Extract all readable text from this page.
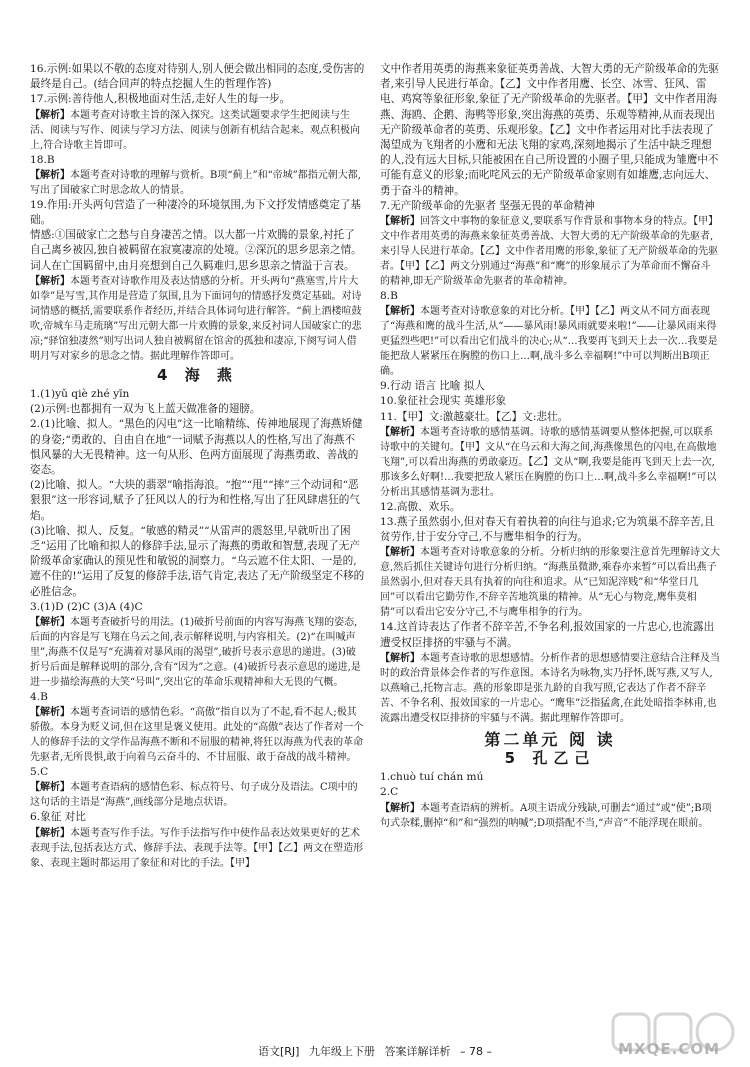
16.示例:如果以不敬的态度对待别人,别人便会做出相同的态度,受伤害的最终是自己。(结合回声的特点挖掘人生的哲理作答)

17.示例:善待他人,积极地面对生活,走好人生的每一步。

【解析】本题考查对诗歌主旨的深入探究。这类试题要求学生把阅读与生活、阅读与写作、阅读与学习方法、阅读与创新有机结合起来。观点积极向上,符合诗歌主旨即可。

18.B

【解析】本题考查对诗歌的理解与赏析。B项“蓟上”和“帝城”都指元朝大都,写出了国破家亡时思念故人的情景。

19.作用:开头两句营造了一种凄冷的环境氛围,为下文抒发情感奠定了基础。

情感:①国破家亡之愁与自身凄苦之情。以大都一片欢腾的景象,衬托了自己离乡被囚,独自被羁留在寂寞凄凉的处境。②深沉的思乡思亲之情。词人在亡国羁留中,由月亮想到自己久羁难归,思乡思亲之情溢于言表。

【解析】本题考查对诗歌作用及表达情感的分析。开头两句“燕塞雪,片片大如拳”是写雪,其作用是营造了氛围,且为下面词句的情感抒发奠定基础。对诗词情感的概括,需要联系作者经历,并结合具体词句进行解答。“蓟上酒楼喧鼓吹,帝城车马走琉璃”写出元朝大都一片欢腾的景象,来反衬词人国破家亡的悲凉;“驿馆独凄然”则写出词人独自被羁留在馆舍的孤独和凄凉,下阕写词人借明月写对家乡的思念之情。据此理解作答即可。

4 海 燕

1.(1)yǔ qiè zhé yīn

(2)示例:也都拥有一双为飞上蓝天做准备的翅膀。

2.(1)比喻、拟人。“黑色的闪电”这一比喻精练、传神地展现了海燕矫健的身姿;“勇敢的、自由自在地”一词赋予海燕以人的性格,写出了海燕不惧风暴的大无畏精神。这一句从形、色两方面展现了海燕勇敢、善战的姿态。

(2)比喻、拟人。“大块的翡翠”喻指海浪。“抱”“甩”“摔”三个动词和“恶狠狠”这一形容词,赋予了狂风以人的行为和性格,写出了狂风肆虐狂的气焰。

(3)比喻、拟人、反复。“敏感的精灵”“从雷声的震怒里,早就听出了困乏”运用了比喻和拟人的修辞手法,显示了海燕的勇敢和智慧,表现了无产阶级革命家确认的预见性和敏锐的洞察力。“乌云遮不住太阳、一是的,遮不住的!”运用了反复的修辞手法,语气肯定,表达了无产阶级坚定不移的必胜信念。

3.(1)D (2)C (3)A (4)C

【解析】本题考查破折号的用法。(1)破折号前面的内容写海燕飞翔的姿态,后面的内容是写飞翔在乌云之间,表示解释说明,与内容相关。(2)“在叫喊声里”,海燕不仅是写“充满着对暴风雨的渴望”,破折号表示意思的递进。(3)破折号后面是解释说明的部分,含有“因为”之意。(4)破折号表示意思的递进,是进一步描绘海燕的大笑“号叫”,突出它的革命乐观精神和大无畏的气概。

4.B

【解析】本题考查词语的感情色彩。“高傲”指自以为了不起,看不起人;极其骄傲。本身为贬义词,但在这里是褒义使用。此处的“高傲”表达了作者对一个人的修辞手法的文学作品海燕不断和不屈服的精神,将狂以海燕为代表的革命先驱者,无所畏惧,敢于向着乌云奋斗的、不甘屈服、敢于奋战的战斗精神。

5.C

【解析】本题考查语病的感情色彩、标点符号、句子成分及语法。C项中的这句话的主语是“海燕”,画线部分是地点状语。

6.象征 对比

【解析】本题考查写作手法。写作手法指写作中使作品表达效果更好的艺术表现手法,包括表达方式、修辞手法、表现手法等。【甲】【乙】两文在塑造形象、表现主题时都运用了象征和对比的手法。【甲】

文中作者用英勇的海燕来象征英勇善战、大智大勇的无产阶级革命的先驱者,来引导人民进行革命。【乙】文中作者用鹰、长空、冰雪、狂风、雷电、鸡窝等象征形象,象征了无产阶级革命的先驱者。【甲】文中作者用海燕、海鸥、企鹅、海鸭等形象,突出海燕的英勇、乐观等精神,从而表现出无产阶级革命者的英勇、乐观形象。【乙】文中作者运用对比手法表现了渴望成为飞翔者的小鹰和无法飞翔的家鸡,深刻地揭示了生活中缺乏理想的人,没有远大目标,只能被困在自己所设置的小圈子里,只能成为雏鹰中不可能有意义的形象;而叱咤风云的无产阶级革命家则有如雄鹰,志向远大、勇于奋斗的精神。

7.无产阶级革命的先驱者 坚强无畏的革命精神

【解析】回答文中事物的象征意义,要联系写作背景和事物本身的特点。【甲】文中作者用英勇的海燕来象征英勇善战、大智大勇的无产阶级革命的先驱者,来引导人民进行革命。【乙】文中作者用鹰的形象,象征了无产阶级革命的先驱者。【甲】【乙】两文分别通过“海燕”和“鹰”的形象展示了为革命而不懈奋斗的精神,即无产阶级革命先驱者的革命精神。

8.B

【解析】本题考查对诗歌意象的对比分析。【甲】【乙】两文从不同方面表现了“海燕和鹰的战斗生活,从“——暴风雨!暴风雨就要来啦!”——让暴风雨来得更猛烈些吧!”可以看出它们战斗的决心;从“…我要再飞到天上去一次…我要是能把敌人紧紧压在胸膛的伤口上…啊,战斗多么幸福啊!”中可以判断出B项正确。

9.行动 语言 比喻 拟人

10.象征社会现实 英雄形象

11.【甲】文:激越豪壮。【乙】文:悲壮。

【解析】本题考查诗歌的感情基调。诗歌的感情基调要从整体把握,可以联系诗歌中的关键句。【甲】文从“在乌云和大海之间,海燕像黑色的闪电,在高傲地飞翔”,可以看出海燕的勇敢豪迈。【乙】文从“啊,我要是能再飞到天上去一次,那该多么好啊!…我要把敌人紧压在胸膛的伤口上…啊,战斗多么幸福啊!”可以分析出其感情基调为悲壮。

12.高傲、欢乐。

13.燕子虽然弱小,但对春天有着执着的向往与追求;它为筑巢不辞辛苦,且贫劳作,甘于安分守己,不与鹰隼相争的行为。

【解析】本题考查对诗歌意象的分析。分析归纳的形象要注意首先理解诗文大意,然后抓住关键诗句进行分析归纳。“海燕虽微渺,乘春亦来暂”可以看出燕子虽然弱小,但对春天具有执着的向往和追求。从“已知泥滓贱”和“华堂日几回”可以看出它勤劳作,不辞辛苦地筑巢的精神。从“无心与物竞,鹰隼莫相猜”可以看出它安分守己,不与鹰隼相争的行为。

14.这首诗表达了作者不辞辛苦,不争名利,报效国家的一片忠心,也流露出遭受权臣排挤的牢骚与不满。

【解析】本题考查诗歌的思想感情。分析作者的思想感情要注意结合注释及当时的政治背景体会作者的写作意图。本诗名为咏物,实乃抒怀,既写燕,又写人,以燕喻己,托物言志。燕的形象即是张九龄的自我写照,它表达了作者不辞辛苦、不争名利、报效国家的一片忠心。“鹰隼”泛指猛禽,在此处暗指李林甫,也流露出遭受权臣排挤的牢骚与不满。据此理解作答即可。

第二单元 阅 读
5 孔乙己

1.chuò tuí chán mú

2.C

【解析】本题考查语病的辨析。A项主语成分残缺,可删去“通过”或“使”;B项句式杂糅,删掉“和”和“强烈的呐喊”;D项搭配不当,“声音”不能浮现在眼前。

语文[RJ] 九年级上下册 答案详解详析 – 78 –	MXQE.COM
